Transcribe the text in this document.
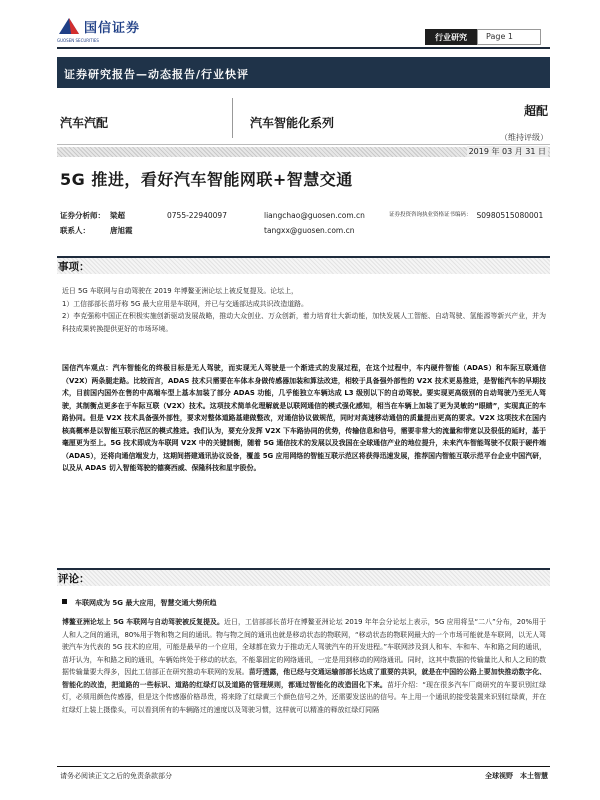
国信证券
GUOSEN SECURITIES	行业研究	Page 1
证券研究报告—动态报告/行业快评
汽车汽配	汽车智能化系列
超配
（维持评级）
2019 年 03 月 31 日
5G 推进，看好汽车智能网联+智慧交通
证券分析师：	梁超	0755-22940097	liangchao@guosen.com.cn	证券投资咨询执业资格证书编码：	S0980515080001
联系人：	唐旭霞		tangxx@guosen.com.cn		
事项：

近日 5G 车联网与自动驾驶在 2019 年博鳌亚洲论坛上被反复提及。论坛上，

1）工信部部长苗圩称 5G 最大应用是车联网，并已与交通部达成共识改造道路。

2）李克强称中国正在积极实施创新驱动发展战略，推动大众创业、万众创新，着力培育壮大新动能，加快发展人工智能、自动驾驶、氢能源等新兴产业，并为科技成果转换提供更好的市场环境。

国信汽车观点：汽车智能化的终极目标是无人驾驶，而实现无人驾驶是一个渐进式的发展过程，在这个过程中，车内硬件智能（ADAS）和车际互联通信（V2X）两条腿走路。比较而言，ADAS 技术只需要在车体本身做传感器加装和算法改进，相较于具备强外部性的 V2X 技术更易推进，是智能汽车的早期技术，目前国内国外在售的中高端车型上基本加装了部分 ADAS 功能，几乎能独立车辆达成 L3 级别以下的自动驾驶。要实现更高级别的自动驾驶乃至无人驾驶，其制衡点更多在于车际互联（V2X）技术。这项技术简单化理解就是以联网通信的模式强化感知，相当在车辆上加装了更为灵敏的“眼睛”，实现真正的车路协同。但是 V2X 技术具备强外部性，要求对整体道路基建做整改，对通信协议做规范，同时对高速移动通信的质量提出更高的要求。V2X 这项技术在国内核高概率是以智能互联示范区的模式推进。我们认为，要充分发挥 V2X 下车路协同的优势，传输信息和信号，需要非常大的流量和带宽以及很低的延时，基于毫厘更为至上。5G 技术即成为车联网 V2X 中的关键制衡，随着 5G 通信技术的发展以及我国在全球通信产业的地位提升，未来汽车智能驾驶不仅限于硬件端（ADAS），还将向通信端发力，这期间搭建通讯协议设备，覆盖 5G 应用网络的智能互联示范区将获得迅速发展，推荐国内智能互联示范平台企业中国汽研，以及从 ADAS 切入智能驾驶的德赛西威、保隆科技和星宇股份。
评论：
车联网成为 5G 最大应用，智慧交通大势所趋
博鳌亚洲论坛上 5G 车联网与自动驾驶被反复提及。近日，工信部部长苗圩在博鳌亚洲论坛 2019 年年会分论坛上表示，5G 应用将呈“二八”分布，20%用于人和人之间的通讯，80%用于物和物之间的通讯。物与物之间的通讯也就是移动状态的物联网，“移动状态的物联网最大的一个市场可能就是车联网，以无人驾驶汽车为代表的 5G 技术的应用，可能是最早的一个应用，全球都在致力于推动无人驾驶汽车的开发进程。”车联网涉及到人和车、车和车、车和路之间的通讯，苗圩认为，车和路之间的通讯，车辆始终处于移动的状态，不能靠固定的网络通讯，一定是用到移动的网络通讯。同时，这其中数据的传输量比人和人之间的数据传输量要大得多，因此工信部正在研究推动车联网的发展。苗圩透露，他已经与交通运输部部长达成了重要的共识，就是在中国的公路上要加快推动数字化、智能化的改造，把道路的一些标识、道路的红绿灯以及道路的管理规则，都通过智能化的改造固化下来。苗圩介绍：“现在很多汽车厂商研究的车要识别红绿灯，必须用颜色传感器，但是这个传感器价格昂贵，将来除了红绿黄三个颜色信号之外，还需要发送出的信号。车上用一个通讯的接受装置来识别红绿黄，并在红绿灯上装上摄像头，可以看到所有的车辆路过的速度以及驾驶习惯，这样就可以精准的释放红绿灯同隔
请务必阅读正文之后的免责条款部分	全球视野　本土智慧
